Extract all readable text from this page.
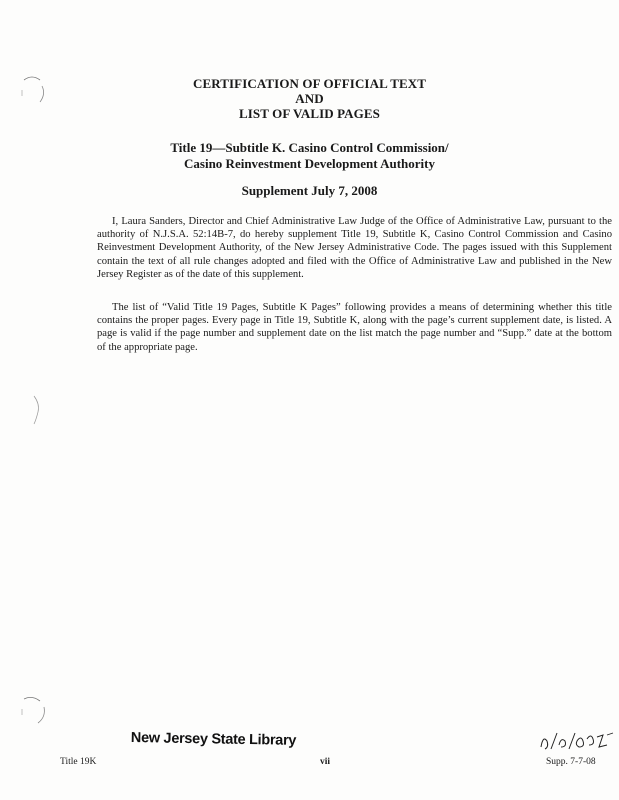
CERTIFICATION OF OFFICIAL TEXT
AND
LIST OF VALID PAGES
Title 19—Subtitle K. Casino Control Commission/
Casino Reinvestment Development Authority
Supplement July 7, 2008

I, Laura Sanders, Director and Chief Administrative Law Judge of the Office of Administrative Law, pursuant to the authority of N.J.S.A. 52:14B-7, do hereby supplement Title 19, Subtitle K, Casino Control Commission and Casino Reinvestment Development Authority, of the New Jersey Administrative Code. The pages issued with this Supplement contain the text of all rule changes adopted and filed with the Office of Administrative Law and published in the New Jersey Register as of the date of this supplement.

The list of “Valid Title 19 Pages, Subtitle K Pages” following provides a means of determining whether this title contains the proper pages. Every page in Title 19, Subtitle K, along with the page’s current supplement date, is listed. A page is valid if the page number and supplement date on the list match the page number and “Supp.” date at the bottom of the appropriate page.

New Jersey State Library
Title 19K	vii	Supp. 7-7-08
